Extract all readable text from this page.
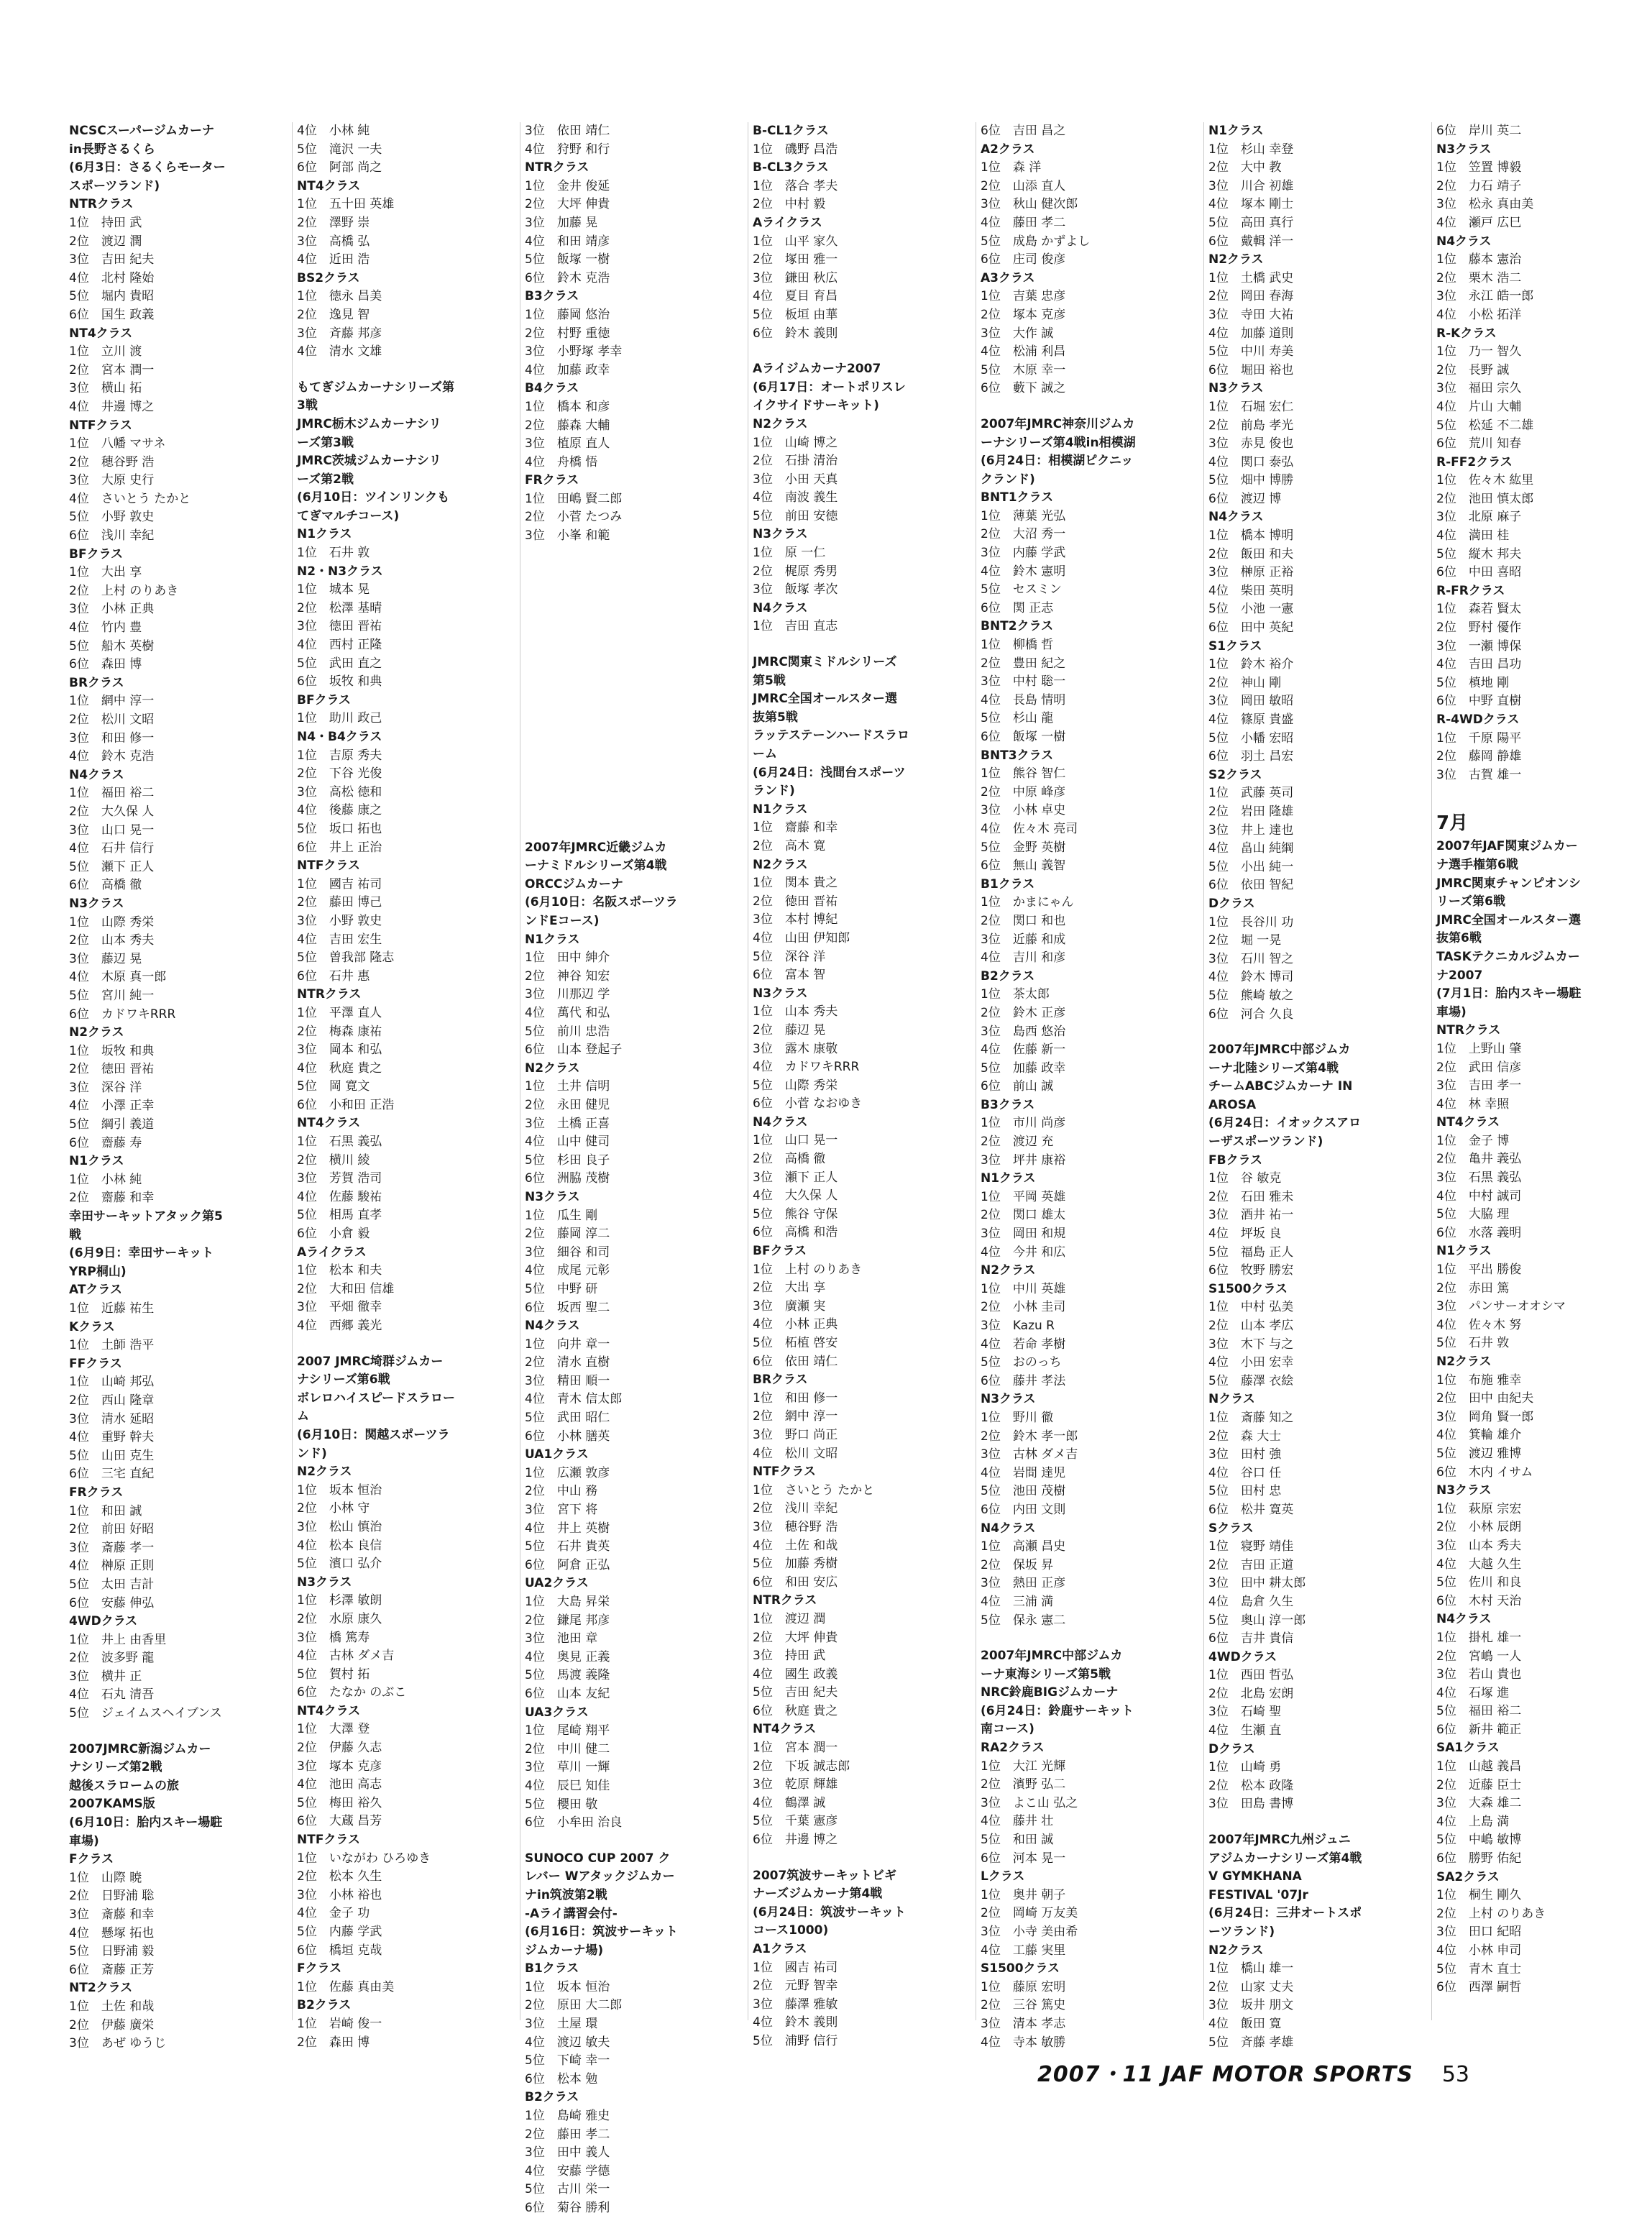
NCSCスーパージムカーナ
in長野さるくら
(6月3日：さるくらモーター
スポーツランド)
NTRクラス
1位　持田 武
2位　渡辺 潤
3位　吉田 紀夫
4位　北村 隆始
5位　堀内 貴昭
6位　国生 政義
NT4クラス
1位　立川 渡
2位　宮本 潤一
3位　横山 拓
4位　井邊 博之
NTFクラス
1位　八幡 マサネ
2位　穂谷野 浩
3位　大原 史行
4位　さいとう たかと
5位　小野 敦史
6位　浅川 幸紀
BFクラス
1位　大出 享
2位　上村 のりあき
3位　小林 正典
4位　竹内 豊
5位　船木 英樹
6位　森田 博
BRクラス
1位　網中 淳一
2位　松川 文昭
3位　和田 修一
4位　鈴木 克浩
N4クラス
1位　福田 裕二
2位　大久保 人
3位　山口 晃一
4位　石井 信行
5位　瀬下 正人
6位　高橋 徹
N3クラス
1位　山際 秀栄
2位　山本 秀夫
3位　藤辺 晃
4位　木原 真一郎
5位　宮川 純一
6位　カドワキRRR
N2クラス
1位　坂牧 和典
2位　徳田 晋祐
3位　深谷 洋
4位　小澤 正幸
5位　綱引 義道
6位　齋藤 寿
N1クラス
1位　小林 純
2位　齋藤 和幸
幸田サーキットアタック第5
戦
(6月9日：幸田サーキット
YRP桐山)
ATクラス
1位　近藤 祐生
Kクラス
1位　土師 浩平
FFクラス
1位　山崎 邦弘
2位　西山 隆章
3位　清水 延昭
4位　重野 幹夫
5位　山田 克生
6位　三宅 直紀
FRクラス
1位　和田 誠
2位　前田 好昭
3位　斎藤 孝一
4位　榊原 正則
5位　太田 吉計
6位　安藤 伸弘
4WDクラス
1位　井上 由香里
2位　波多野 龍
3位　横井 正
4位　石丸 清吾
5位　ジェイムスヘイブンス
2007JMRC新潟ジムカー
ナシリーズ第2戦
越後スラロームの旅
2007KAMS版
(6月10日：胎内スキー場駐
車場)
Fクラス
1位　山際 暁
2位　日野浦 聡
3位　斎藤 和幸
4位　懸塚 拓也
5位　日野浦 毅
6位　斎藤 正芳
NT2クラス
1位　土佐 和哉
2位　伊藤 廣栄
3位　あぜ ゆうじ
4位　小林 純
5位　滝沢 一夫
6位　阿部 尚之
NT4クラス
1位　五十田 英雄
2位　澤野 崇
3位　高橋 弘
4位　近田 浩
BS2クラス
1位　徳永 昌美
2位　逸見 智
3位　斉藤 邦彦
4位　清水 文雄
もてぎジムカーナシリーズ第
3戦
JMRC栃木ジムカーナシリ
ーズ第3戦
JMRC茨城ジムカーナシリ
ーズ第2戦
(6月10日：ツインリンクも
てぎマルチコース)
N1クラス
1位　石井 敦
N2・N3クラス
1位　城本 晃
2位　松澤 基晴
3位　徳田 晋祐
4位　西村 正隆
5位　武田 直之
6位　坂牧 和典
BFクラス
1位　助川 政己
N4・B4クラス
1位　吉原 秀夫
2位　下谷 光俊
3位　高松 徳和
4位　後藤 康之
5位　坂口 拓也
6位　井上 正治
NTFクラス
1位　國吉 祐司
2位　藤田 博己
3位　小野 敦史
4位　吉田 宏生
5位　曽我部 隆志
6位　石井 惠
NTRクラス
1位　平澤 直人
2位　梅森 康祐
3位　岡本 和弘
4位　秋庭 貴之
5位　岡 寛文
6位　小和田 正浩
NT4クラス
1位　石黒 義弘
2位　横川 綾
3位　芳賀 浩司
4位　佐藤 駿祐
5位　相馬 直孝
6位　小倉 毅
Aライクラス
1位　松本 和夫
2位　大和田 信雄
3位　平畑 徹幸
4位　西郷 義光
2007 JMRC埼群ジムカー
ナシリーズ第6戦
ボレロハイスピードスラロー
ム
(6月10日：関越スポーツラ
ンド)
N2クラス
1位　坂本 恒治
2位　小林 守
3位　松山 慎治
4位　松本 良信
5位　濱口 弘介
N3クラス
1位　杉澤 敏朗
2位　水原 康久
3位　橋 篤寿
4位　古林 ダメ吉
5位　賀村 拓
6位　たなか のぶこ
NT4クラス
1位　大澤 登
2位　伊藤 久志
3位　塚本 克彦
4位　池田 高志
5位　梅田 裕久
6位　大蔵 昌芳
NTFクラス
1位　いながわ ひろゆき
2位　松本 久生
3位　小林 裕也
4位　金子 功
5位　内藤 学武
6位　橋垣 克哉
Fクラス
1位　佐藤 真由美
B2クラス
1位　岩崎 俊一
2位　森田 博
3位　依田 靖仁
4位　狩野 和行
NTRクラス
1位　金井 俊延
2位　大坪 伸貴
3位　加藤 晃
4位　和田 靖彦
5位　飯塚 一樹
6位　鈴木 克浩
B3クラス
1位　藤岡 悠治
2位　村野 重徳
3位　小野塚 孝幸
4位　加藤 政幸
B4クラス
1位　橋本 和彦
2位　藤森 大輔
3位　植原 直人
4位　舟橋 悟
FRクラス
1位　田嶋 賢二郎
2位　小菅 たつみ
3位　小峯 和範
2007年JMRC近畿ジムカ
ーナミドルシリーズ第4戦
ORCCジムカーナ
(6月10日：名阪スポーツラ
ンドEコース)
N1クラス
1位　田中 紳介
2位　神谷 知宏
3位　川那辺 学
4位　萬代 和弘
5位　前川 忠浩
6位　山本 登起子
N2クラス
1位　土井 信明
2位　永田 健児
3位　土橋 正喜
4位　山中 健司
5位　杉田 良子
6位　洲脇 茂樹
N3クラス
1位　瓜生 剛
2位　藤岡 淳二
3位　細谷 和司
4位　成尾 元彰
5位　中野 研
6位　坂西 聖二
N4クラス
1位　向井 章一
2位　清水 直樹
3位　精田 順一
4位　青木 信太郎
5位　武田 昭仁
6位　小林 膳英
UA1クラス
1位　広瀬 敦彦
2位　中山 務
3位　宮下 将
4位　井上 英樹
5位　石井 貴英
6位　阿倉 正弘
UA2クラス
1位　大島 昇栄
2位　鎌尾 邦彦
3位　池田 章
4位　奥見 正義
5位　馬渡 義隆
6位　山本 友紀
UA3クラス
1位　尾崎 翔平
2位　中川 健二
3位　草川 一輝
4位　辰巳 知佳
5位　櫻田 敬
6位　小牟田 治良
SUNOCO CUP 2007 ク
レバー Wアタックジムカー
ナin筑波第2戦
-Aライ講習会付-
(6月16日：筑波サーキット
ジムカーナ場)
B1クラス
1位　坂本 恒治
2位　原田 大二郎
3位　土屋 環
4位　渡辺 敏夫
5位　下崎 幸一
6位　松本 勉
B2クラス
1位　島崎 雅史
2位　藤田 孝二
3位　田中 義人
4位　安藤 学德
5位　古川 栄一
6位　菊谷 勝利
B-CL1クラス
1位　磯野 昌浩
B-CL3クラス
1位　落合 孝夫
2位　中村 毅
Aライクラス
1位　山平 家久
2位　塚田 雅一
3位　鎌田 秋広
4位　夏目 育昌
5位　板垣 由華
6位　鈴木 義則
Aライジムカーナ2007
(6月17日：オートポリスレ
イクサイドサーキット)
N2クラス
1位　山崎 博之
2位　石掛 清治
3位　小田 天真
4位　南波 義生
5位　前田 安徳
N3クラス
1位　原 一仁
2位　梶原 秀男
3位　飯塚 孝次
N4クラス
1位　吉田 直志
JMRC関東ミドルシリーズ
第5戦
JMRC全国オールスター選
抜第5戦
ラッテステーンハードスラロ
ーム
(6月24日：浅間台スポーツ
ランド)
N1クラス
1位　齋藤 和幸
2位　高木 寛
N2クラス
1位　関本 貴之
2位　徳田 晋祐
3位　本村 博紀
4位　山田 伊知郎
5位　深谷 洋
6位　富本 智
N3クラス
1位　山本 秀夫
2位　藤辺 晃
3位　露木 康敬
4位　カドワキRRR
5位　山際 秀栄
6位　小菅 なおゆき
N4クラス
1位　山口 晃一
2位　高橋 徹
3位　瀬下 正人
4位　大久保 人
5位　熊谷 守保
6位　高橋 和浩
BFクラス
1位　上村 のりあき
2位　大出 享
3位　廣瀬 実
4位　小林 正典
5位　柘植 啓安
6位　依田 靖仁
BRクラス
1位　和田 修一
2位　網中 淳一
3位　野口 尚正
4位　松川 文昭
NTFクラス
1位　さいとう たかと
2位　浅川 幸紀
3位　穂谷野 浩
4位　土佐 和哉
5位　加藤 秀樹
6位　和田 安広
NTRクラス
1位　渡辺 潤
2位　大坪 伸貴
3位　持田 武
4位　國生 政義
5位　吉田 紀夫
6位　秋庭 貴之
NT4クラス
1位　宮本 潤一
2位　下坂 誠志郎
3位　乾原 輝雄
4位　鶴澤 誠
5位　千葉 憲彦
6位　井邊 博之
2007筑波サーキットビギ
ナーズジムカーナ第4戦
(6月24日：筑波サーキット
コース1000)
A1クラス
1位　國吉 祐司
2位　元野 智幸
3位　藤澤 雅敏
4位　鈴木 義則
5位　浦野 信行
6位　吉田 昌之
A2クラス
1位　森 洋
2位　山添 直人
3位　秋山 健次郎
4位　藤田 孝二
5位　成島 かずよし
6位　庄司 俊彦
A3クラス
1位　吉葉 忠彦
2位　塚本 克彦
3位　大作 誠
4位　松浦 利昌
5位　木原 幸一
6位　藪下 誠之
2007年JMRC神奈川ジムカ
ーナシリーズ第4戦in相模湖
(6月24日：相模湖ピクニッ
クランド)
BNT1クラス
1位　薄葉 光弘
2位　大沼 秀一
3位　内藤 学武
4位　鈴木 憲明
5位　セスミン
6位　関 正志
BNT2クラス
1位　柳橋 哲
2位　豊田 紀之
3位　中村 聡一
4位　長島 情明
5位　杉山 龍
6位　飯塚 一樹
BNT3クラス
1位　熊谷 智仁
2位　中原 峰彦
3位　小林 卓史
4位　佐々木 亮司
5位　金野 英樹
6位　無山 義智
B1クラス
1位　かまにゃん
2位　関口 和也
3位　近藤 和成
4位　吉川 和彦
B2クラス
1位　茶太郎
2位　鈴木 正彦
3位　島西 悠治
4位　佐藤 新一
5位　加藤 政幸
6位　前山 誠
B3クラス
1位　市川 尚彦
2位　渡辺 充
3位　坪井 康裕
N1クラス
1位　平岡 英雄
2位　関口 雄太
3位　岡田 和規
4位　今井 和広
N2クラス
1位　中川 英雄
2位　小林 圭司
3位　Kazu R
4位　若命 孝樹
5位　おのっち
6位　藤井 孝法
N3クラス
1位　野川 徹
2位　鈴木 孝一郎
3位　古林 ダメ吉
4位　岩間 達児
5位　池田 茂樹
6位　内田 文則
N4クラス
1位　高瀬 昌史
2位　保坂 昇
3位　熱田 正彦
4位　三浦 満
5位　保永 憲二
2007年JMRC中部ジムカ
ーナ東海シリーズ第5戦
NRC鈴鹿BIGジムカーナ
(6月24日：鈴鹿サーキット
南コース)
RA2クラス
1位　大江 光輝
2位　濱野 弘二
3位　よこ山 弘之
4位　藤井 壮
5位　和田 誠
6位　河本 晃一
Lクラス
1位　奥井 朝子
2位　岡崎 万友美
3位　小寺 美由希
4位　工藤 実里
S1500クラス
1位　藤原 宏明
2位　三谷 篤史
3位　清本 孝志
4位　寺本 敏勝
N1クラス
1位　杉山 幸登
2位　大中 教
3位　川合 初雄
4位　塚本 剛士
5位　高田 真行
6位　戴輯 洋一
N2クラス
1位　土橋 武史
2位　岡田 春海
3位　寺田 大祐
4位　加藤 道則
5位　中川 寿美
6位　堀田 裕也
N3クラス
1位　石堀 宏仁
2位　前島 孝光
3位　赤見 俊也
4位　関口 泰弘
5位　畑中 博勝
6位　渡辺 博
N4クラス
1位　橋本 博明
2位　飯田 和夫
3位　榊原 正裕
4位　柴田 英明
5位　小池 一憲
6位　田中 英紀
S1クラス
1位　鈴木 裕介
2位　神山 剛
3位　岡田 敏昭
4位　篠原 貴盛
5位　小幡 宏昭
6位　羽土 昌宏
S2クラス
1位　武藤 英司
2位　岩田 隆雄
3位　井上 達也
4位　畠山 純綱
5位　小出 純一
6位　依田 智紀
Dクラス
1位　長谷川 功
2位　堀 一晃
3位　石川 智之
4位　鈴木 博司
5位　熊崎 敏之
6位　河合 久良
2007年JMRC中部ジムカ
ーナ北陸シリーズ第4戦
チームABCジムカーナ IN
AROSA
(6月24日：イオックスアロ
ーザスポーツランド)
FBクラス
1位　谷 敏克
2位　石田 雅未
3位　酒井 祐一
4位　坪坂 良
5位　福島 正人
6位　牧野 勝宏
S1500クラス
1位　中村 弘美
2位　山本 孝広
3位　木下 与之
4位　小田 宏幸
5位　藤澤 衣絵
Nクラス
1位　斎藤 知之
2位　森 大士
3位　田村 強
4位　谷口 任
5位　田村 忠
6位　松井 寛英
Sクラス
1位　寝野 靖佳
2位　吉田 正道
3位　田中 耕太郎
4位　島倉 久生
5位　奥山 淳一郎
6位　吉井 貴信
4WDクラス
1位　西田 哲弘
2位　北島 宏朗
3位　石崎 聖
4位　生瀬 直
Dクラス
1位　山崎 勇
2位　松本 政隆
3位　田島 書博
2007年JMRC九州ジュニ
アジムカーナシリーズ第4戦
V GYMKHANA
FESTIVAL '07Jr
(6月24日：三井オートスポ
ーツランド)
N2クラス
1位　橋山 雄一
2位　山家 丈夫
3位　坂井 朋文
4位　飯田 寛
5位　斉藤 孝雄
6位　岸川 英二
N3クラス
1位　笠置 博毅
2位　力石 靖子
3位　松永 真由美
4位　瀬戸 広巳
N4クラス
1位　藤本 憲治
2位　栗木 浩二
3位　永江 皓一郎
4位　小松 拓洋
R-Kクラス
1位　乃一 智久
2位　長野 誠
3位　福田 宗久
4位　片山 大輔
5位　松延 不二雄
6位　荒川 知春
R-FF2クラス
1位　佐々木 紘里
2位　池田 慎太郎
3位　北原 麻子
4位　満田 桂
5位　縦木 邦夫
6位　中田 喜昭
R-FRクラス
1位　森若 賢太
2位　野村 優作
3位　一瀬 博保
4位　吉田 昌功
5位　槙地 剛
6位　中野 直樹
R-4WDクラス
1位　千原 陽平
2位　藤岡 静雄
3位　古賀 雄一
7月
2007年JAF関東ジムカー
ナ選手権第6戦
JMRC関東チャンピオンシ
リーズ第6戦
JMRC全国オールスター選
抜第6戦
TASKテクニカルジムカー
ナ2007
(7月1日：胎内スキー場駐
車場)
NTRクラス
1位　上野山 肇
2位　武田 信彦
3位　吉田 孝一
4位　林 幸照
NT4クラス
1位　金子 博
2位　亀井 義弘
3位　石黒 義弘
4位　中村 誠司
5位　大脇 理
6位　水落 義明
N1クラス
1位　平出 勝俊
2位　赤田 篤
3位　パンサーオオシマ
4位　佐々木 努
5位　石井 敦
N2クラス
1位　布施 雅幸
2位　田中 由紀夫
3位　岡角 賢一郎
4位　箕輪 雄介
5位　渡辺 雅博
6位　木内 イサム
N3クラス
1位　萩原 宗宏
2位　小林 辰朗
3位　山本 秀夫
4位　大越 久生
5位　佐川 和良
6位　木村 天治
N4クラス
1位　掛札 雄一
2位　宮嶋 一人
3位　若山 貴也
4位　石塚 進
5位　福田 裕二
6位　新井 範正
SA1クラス
1位　山越 義昌
2位　近藤 臣士
3位　大森 雄二
4位　上島 満
5位　中嶋 敏博
6位　勝野 佑紀
SA2クラス
1位　桐生 剛久
2位　上村 のりあき
3位　田口 紀昭
4位　小林 申司
5位　青木 直士
6位　西澤 嗣哲
2007・11 JAF MOTOR SPORTS 53
